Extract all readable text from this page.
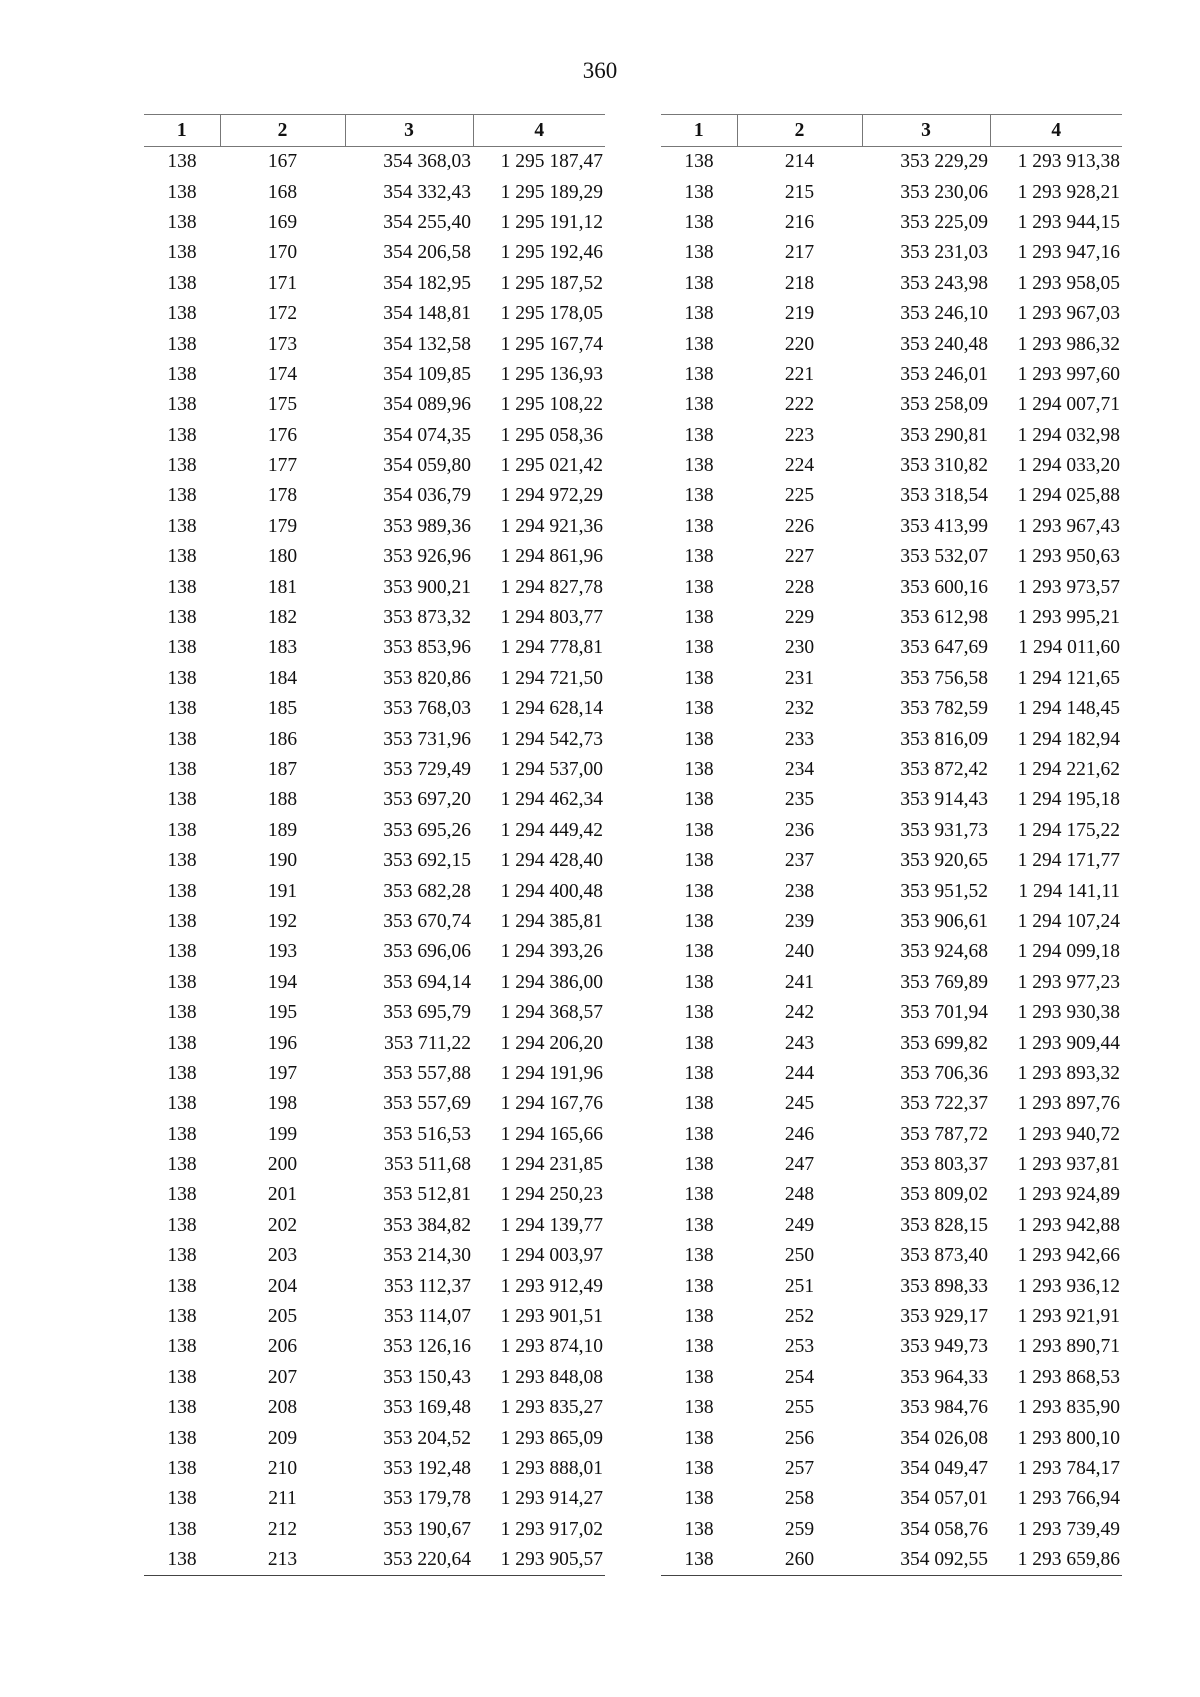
360
1	2	3	4
138	167	354 368,03	1 295 187,47
138	168	354 332,43	1 295 189,29
138	169	354 255,40	1 295 191,12
138	170	354 206,58	1 295 192,46
138	171	354 182,95	1 295 187,52
138	172	354 148,81	1 295 178,05
138	173	354 132,58	1 295 167,74
138	174	354 109,85	1 295 136,93
138	175	354 089,96	1 295 108,22
138	176	354 074,35	1 295 058,36
138	177	354 059,80	1 295 021,42
138	178	354 036,79	1 294 972,29
138	179	353 989,36	1 294 921,36
138	180	353 926,96	1 294 861,96
138	181	353 900,21	1 294 827,78
138	182	353 873,32	1 294 803,77
138	183	353 853,96	1 294 778,81
138	184	353 820,86	1 294 721,50
138	185	353 768,03	1 294 628,14
138	186	353 731,96	1 294 542,73
138	187	353 729,49	1 294 537,00
138	188	353 697,20	1 294 462,34
138	189	353 695,26	1 294 449,42
138	190	353 692,15	1 294 428,40
138	191	353 682,28	1 294 400,48
138	192	353 670,74	1 294 385,81
138	193	353 696,06	1 294 393,26
138	194	353 694,14	1 294 386,00
138	195	353 695,79	1 294 368,57
138	196	353 711,22	1 294 206,20
138	197	353 557,88	1 294 191,96
138	198	353 557,69	1 294 167,76
138	199	353 516,53	1 294 165,66
138	200	353 511,68	1 294 231,85
138	201	353 512,81	1 294 250,23
138	202	353 384,82	1 294 139,77
138	203	353 214,30	1 294 003,97
138	204	353 112,37	1 293 912,49
138	205	353 114,07	1 293 901,51
138	206	353 126,16	1 293 874,10
138	207	353 150,43	1 293 848,08
138	208	353 169,48	1 293 835,27
138	209	353 204,52	1 293 865,09
138	210	353 192,48	1 293 888,01
138	211	353 179,78	1 293 914,27
138	212	353 190,67	1 293 917,02
138	213	353 220,64	1 293 905,57
1	2	3	4
138	214	353 229,29	1 293 913,38
138	215	353 230,06	1 293 928,21
138	216	353 225,09	1 293 944,15
138	217	353 231,03	1 293 947,16
138	218	353 243,98	1 293 958,05
138	219	353 246,10	1 293 967,03
138	220	353 240,48	1 293 986,32
138	221	353 246,01	1 293 997,60
138	222	353 258,09	1 294 007,71
138	223	353 290,81	1 294 032,98
138	224	353 310,82	1 294 033,20
138	225	353 318,54	1 294 025,88
138	226	353 413,99	1 293 967,43
138	227	353 532,07	1 293 950,63
138	228	353 600,16	1 293 973,57
138	229	353 612,98	1 293 995,21
138	230	353 647,69	1 294 011,60
138	231	353 756,58	1 294 121,65
138	232	353 782,59	1 294 148,45
138	233	353 816,09	1 294 182,94
138	234	353 872,42	1 294 221,62
138	235	353 914,43	1 294 195,18
138	236	353 931,73	1 294 175,22
138	237	353 920,65	1 294 171,77
138	238	353 951,52	1 294 141,11
138	239	353 906,61	1 294 107,24
138	240	353 924,68	1 294 099,18
138	241	353 769,89	1 293 977,23
138	242	353 701,94	1 293 930,38
138	243	353 699,82	1 293 909,44
138	244	353 706,36	1 293 893,32
138	245	353 722,37	1 293 897,76
138	246	353 787,72	1 293 940,72
138	247	353 803,37	1 293 937,81
138	248	353 809,02	1 293 924,89
138	249	353 828,15	1 293 942,88
138	250	353 873,40	1 293 942,66
138	251	353 898,33	1 293 936,12
138	252	353 929,17	1 293 921,91
138	253	353 949,73	1 293 890,71
138	254	353 964,33	1 293 868,53
138	255	353 984,76	1 293 835,90
138	256	354 026,08	1 293 800,10
138	257	354 049,47	1 293 784,17
138	258	354 057,01	1 293 766,94
138	259	354 058,76	1 293 739,49
138	260	354 092,55	1 293 659,86
